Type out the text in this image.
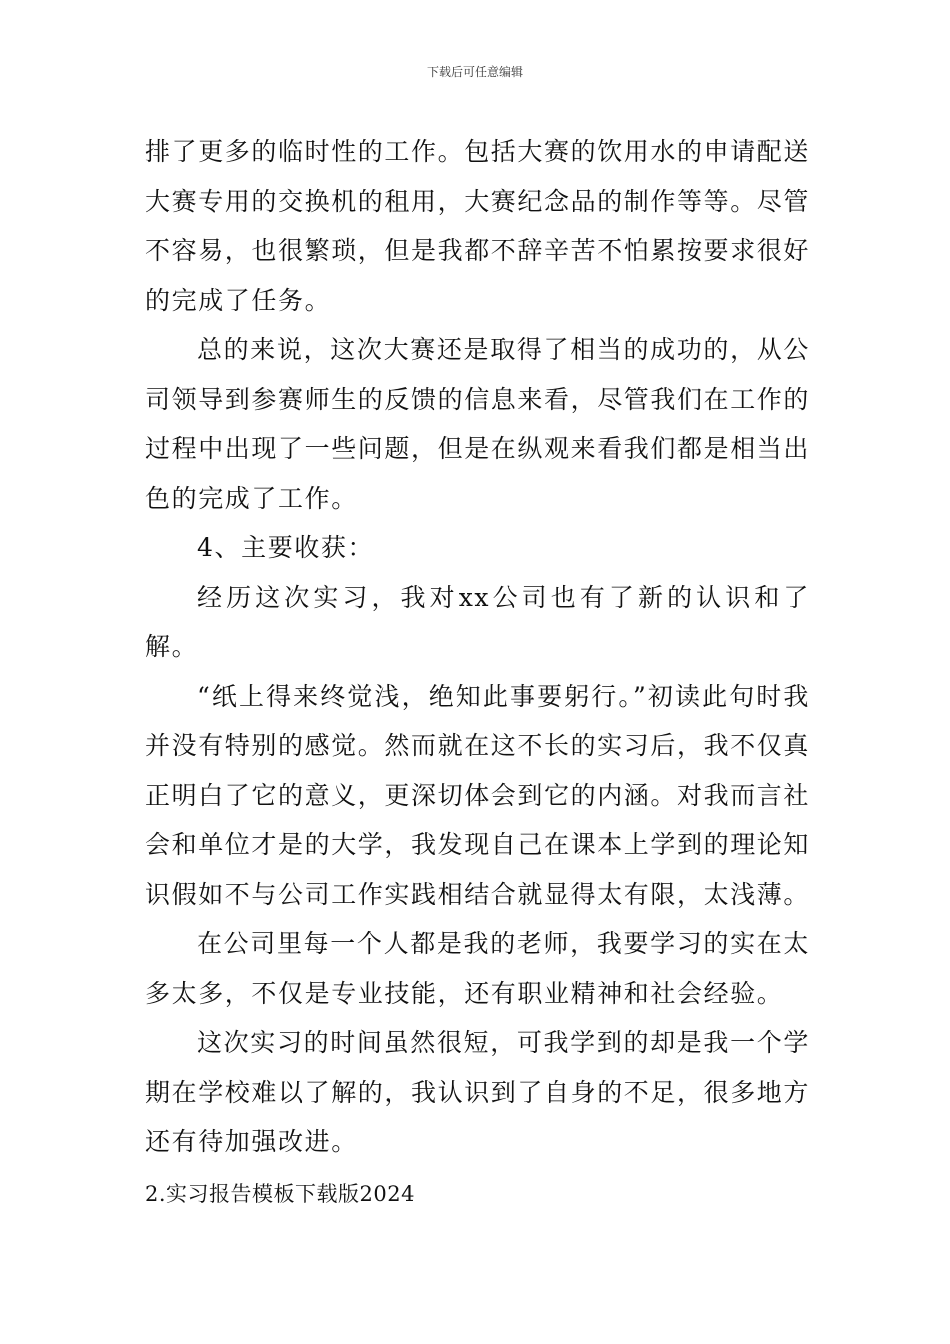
下载后可任意编辑

排了更多的临时性的工作。包括大赛的饮用水的申请配送大赛专用的交换机的租用，大赛纪念品的制作等等。尽管不容易，也很繁琐，但是我都不辞辛苦不怕累按要求很好的完成了任务。

总的来说，这次大赛还是取得了相当的成功的，从公司领导到参赛师生的反馈的信息来看，尽管我们在工作的过程中出现了一些问题，但是在纵观来看我们都是相当出色的完成了工作。

4、主要收获：

经历这次实习，我对xx公司也有了新的认识和了解。

“纸上得来终觉浅，绝知此事要躬行。”初读此句时我并没有特别的感觉。然而就在这不长的实习后，我不仅真正明白了它的意义，更深切体会到它的内涵。对我而言社会和单位才是的大学，我发现自己在课本上学到的理论知识假如不与公司工作实践相结合就显得太有限，太浅薄。

在公司里每一个人都是我的老师，我要学习的实在太多太多，不仅是专业技能，还有职业精神和社会经验。

这次实习的时间虽然很短，可我学到的却是我一个学期在学校难以了解的，我认识到了自身的不足，很多地方还有待加强改进。

2.实习报告模板下载版2024
